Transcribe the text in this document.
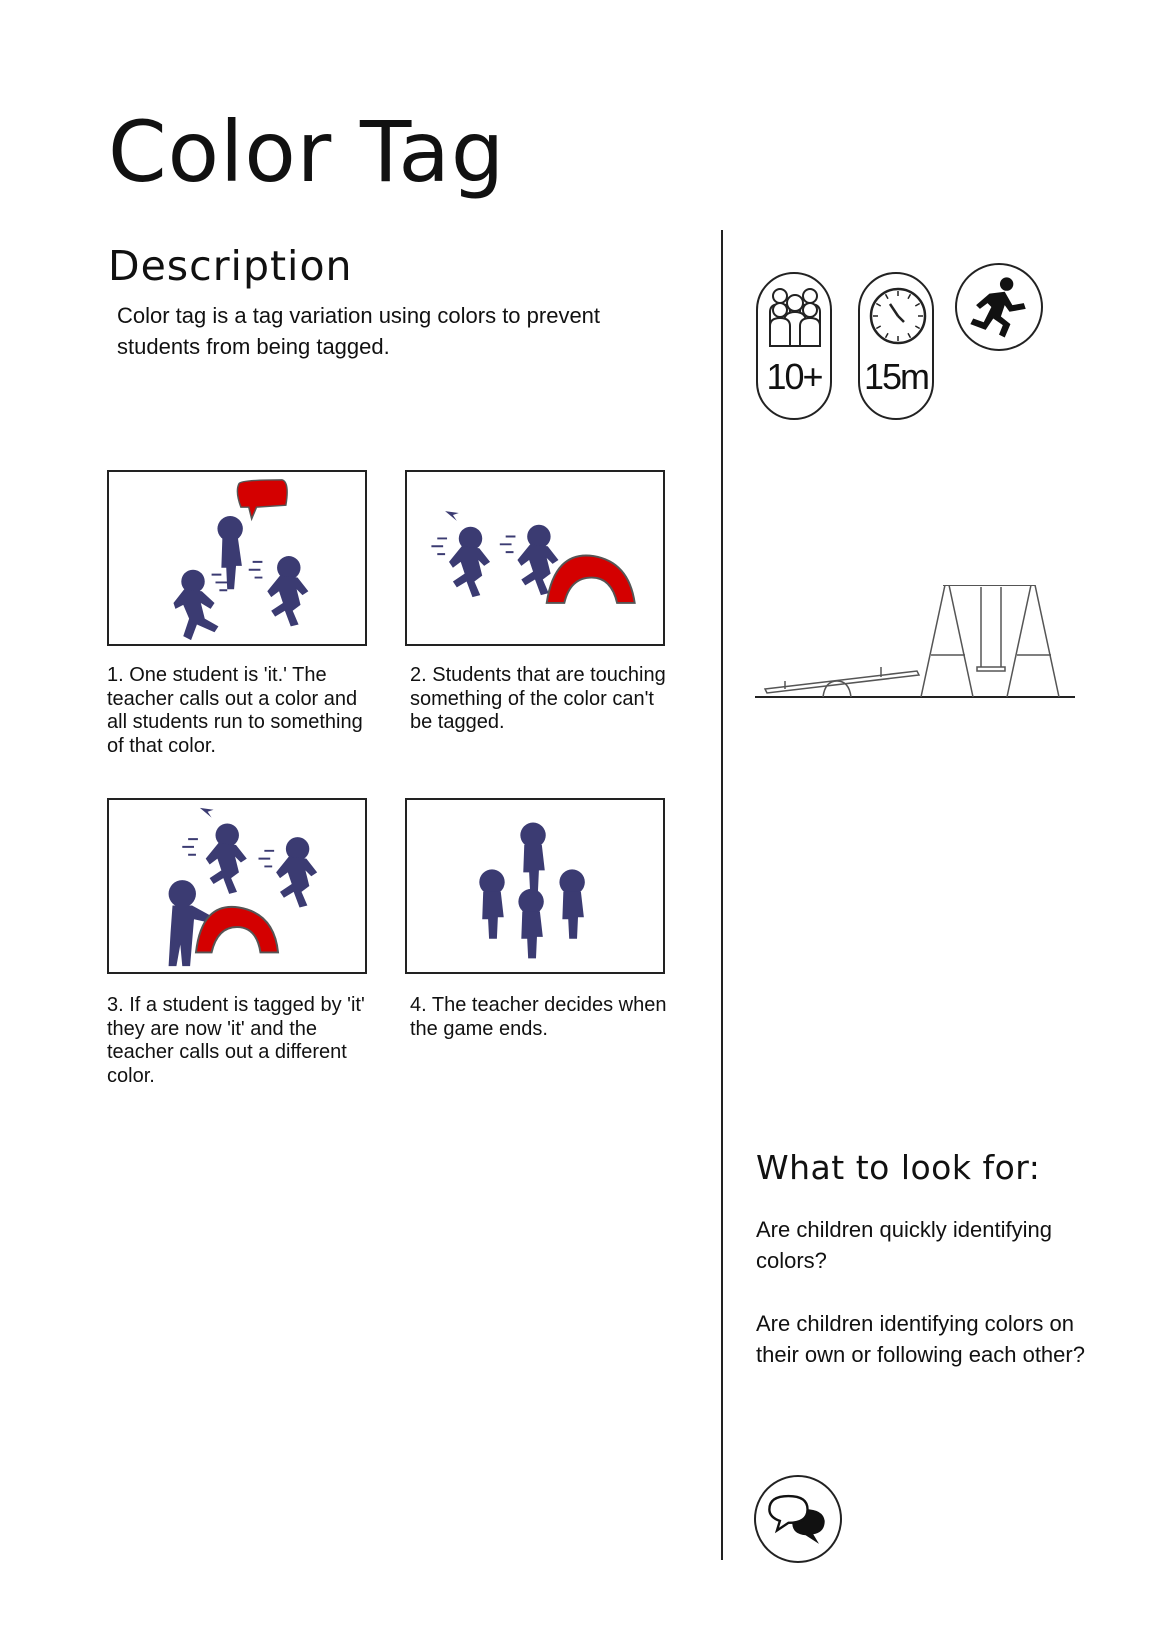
Color Tag
Description
Color tag is a tag variation using colors to prevent students from being tagged.
1. One student is 'it.' The teacher calls out a color and all students run to something of that color.
2. Students that are touching something of the color can't be tagged.
3. If a student is tagged by 'it' they are now 'it' and the teacher calls out a different color.
4. The teacher decides when the game ends.
10+ 15m
What to look for:
Are children quickly identifying colors?
Are children identifying colors on their own or following each other?
